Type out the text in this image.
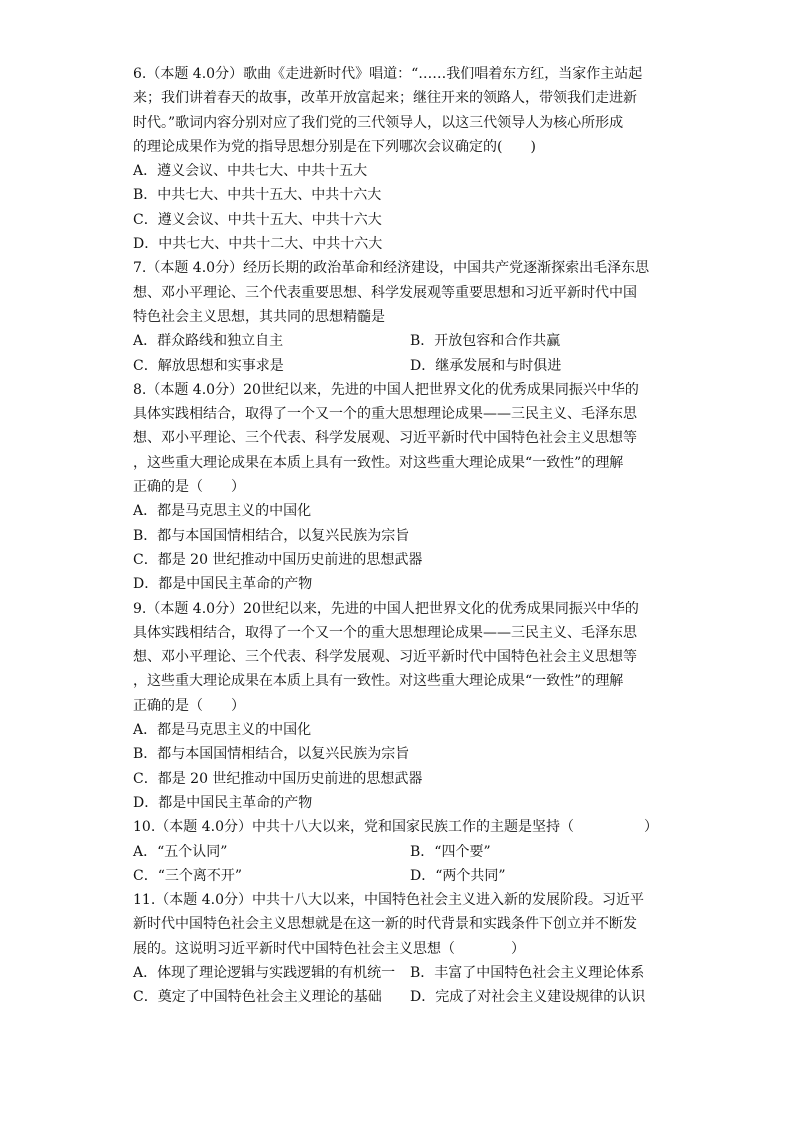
6.（本题 4.0分）歌曲《走进新时代》唱道：“……我们唱着东方红，当家作主站起
来；我们讲着春天的故事，改革开放富起来；继往开来的领路人，带领我们走进新
时代。”歌词内容分别对应了我们党的三代领导人，以这三代领导人为核心所形成
的理论成果作为党的指导思想分别是在下列哪次会议确定的(　　)
A．遵义会议、中共七大、中共十五大
B．中共七大、中共十五大、中共十六大
C．遵义会议、中共十五大、中共十六大
D．中共七大、中共十二大、中共十六大
7.（本题 4.0分）经历长期的政治革命和经济建设，中国共产党逐渐探索出毛泽东思
想、邓小平理论、三个代表重要思想、科学发展观等重要思想和习近平新时代中国
特色社会主义思想，其共同的思想精髓是
A．群众路线和独立自主	B．开放包容和合作共赢
C．解放思想和实事求是	D．继承发展和与时俱进
8.（本题 4.0分）20世纪以来，先进的中国人把世界文化的优秀成果同振兴中华的
具体实践相结合，取得了一个又一个的重大思想理论成果——三民主义、毛泽东思
想、邓小平理论、三个代表、科学发展观、习近平新时代中国特色社会主义思想等
，这些重大理论成果在本质上具有一致性。对这些重大理论成果“一致性”的理解
正确的是（　　）
A．都是马克思主义的中国化
B．都与本国国情相结合，以复兴民族为宗旨
C．都是 20 世纪推动中国历史前进的思想武器
D．都是中国民主革命的产物
9.（本题 4.0分）20世纪以来，先进的中国人把世界文化的优秀成果同振兴中华的
具体实践相结合，取得了一个又一个的重大思想理论成果——三民主义、毛泽东思
想、邓小平理论、三个代表、科学发展观、习近平新时代中国特色社会主义思想等
，这些重大理论成果在本质上具有一致性。对这些重大理论成果“一致性”的理解
正确的是（　　）
A．都是马克思主义的中国化
B．都与本国国情相结合，以复兴民族为宗旨
C．都是 20 世纪推动中国历史前进的思想武器
D．都是中国民主革命的产物
10.（本题 4.0分）中共十八大以来，党和国家民族工作的主题是坚持（　　　　　）
A．“五个认同”	B．“四个要”
C．“三个离不开”	D．“两个共同”
11.（本题 4.0分）中共十八大以来，中国特色社会主义进入新的发展阶段。习近平
新时代中国特色社会主义思想就是在这一新的时代背景和实践条件下创立并不断发
展的。这说明习近平新时代中国特色社会主义思想（　　　　）
A．体现了理论逻辑与实践逻辑的有机统一	B．丰富了中国特色社会主义理论体系
C．奠定了中国特色社会主义理论的基础	D．完成了对社会主义建设规律的认识
